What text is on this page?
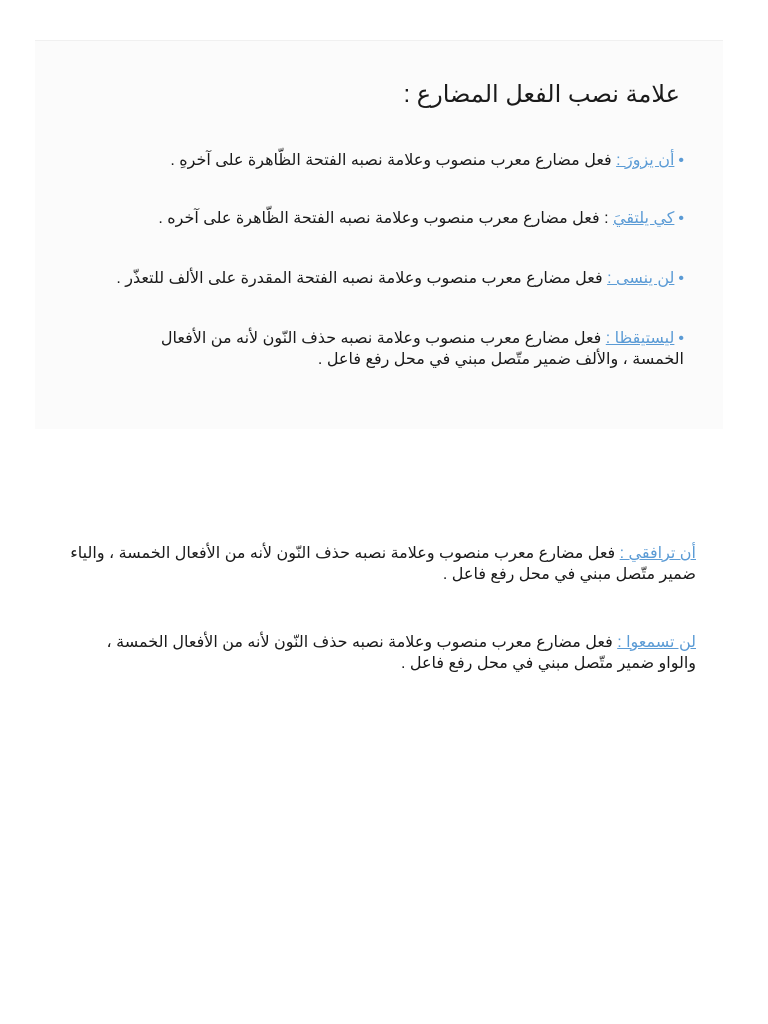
علامة نصب الفعل المضارع :
•أن يزورَ : فعل مضارع معرب منصوب وعلامة نصبه الفتحة الظّاهرة على آخرهِ .
•كي يلتقيَ : فعل مضارع معرب منصوب وعلامة نصبه الفتحة الظّاهرة على آخره .
•لن ينسى : فعل مضارع معرب منصوب وعلامة نصبه الفتحة المقدرة على الألف للتعذّر .
•ليستيقظا : فعل مضارع معرب منصوب وعلامة نصبه حذف النّون لأنه من الأفعال الخمسة ، والألف ضمير متّصل مبني في محل رفع فاعل .

أن ترافقي : فعل مضارع معرب منصوب وعلامة نصبه حذف النّون لأنه من الأفعال الخمسة ، والياء ضمير متّصل مبني في محل رفع فاعل .

لن تسمعوا : فعل مضارع معرب منصوب وعلامة نصبه حذف النّون لأنه من الأفعال الخمسة ، والواو ضمير متّصل مبني في محل رفع فاعل .
